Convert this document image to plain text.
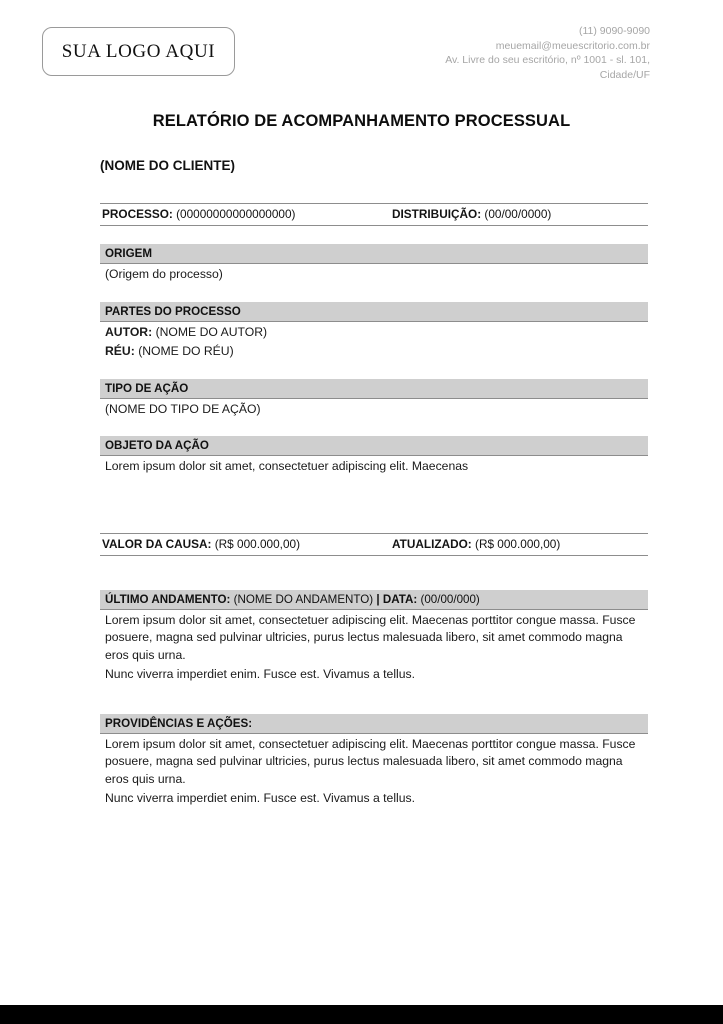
SUA LOGO AQUI
(11) 9090-9090
meuemail@meuescritorio.com.br
Av. Livre do seu escritório, nº 1001 - sl. 101,
Cidade/UF
RELATÓRIO DE ACOMPANHAMENTO PROCESSUAL
(NOME DO CLIENTE)
PROCESSO: (00000000000000000)	DISTRIBUIÇÃO: (00/00/0000)
ORIGEM
(Origem do processo)
PARTES DO PROCESSO
AUTOR: (NOME DO AUTOR)
RÉU: (NOME DO RÉU)
TIPO DE AÇÃO
(NOME DO TIPO DE AÇÃO)
OBJETO DA AÇÃO
Lorem ipsum dolor sit amet, consectetuer adipiscing elit. Maecenas
VALOR DA CAUSA: (R$ 000.000,00)	ATUALIZADO: (R$ 000.000,00)
ÚLTIMO ANDAMENTO: (NOME DO ANDAMENTO) | DATA: (00/00/000)
Lorem ipsum dolor sit amet, consectetuer adipiscing elit. Maecenas porttitor congue massa. Fusce posuere, magna sed pulvinar ultricies, purus lectus malesuada libero, sit amet commodo magna eros quis urna.
Nunc viverra imperdiet enim. Fusce est. Vivamus a tellus.
PROVIDÊNCIAS E AÇÕES:
Lorem ipsum dolor sit amet, consectetuer adipiscing elit. Maecenas porttitor congue massa. Fusce posuere, magna sed pulvinar ultricies, purus lectus malesuada libero, sit amet commodo magna eros quis urna.
Nunc viverra imperdiet enim. Fusce est. Vivamus a tellus.
